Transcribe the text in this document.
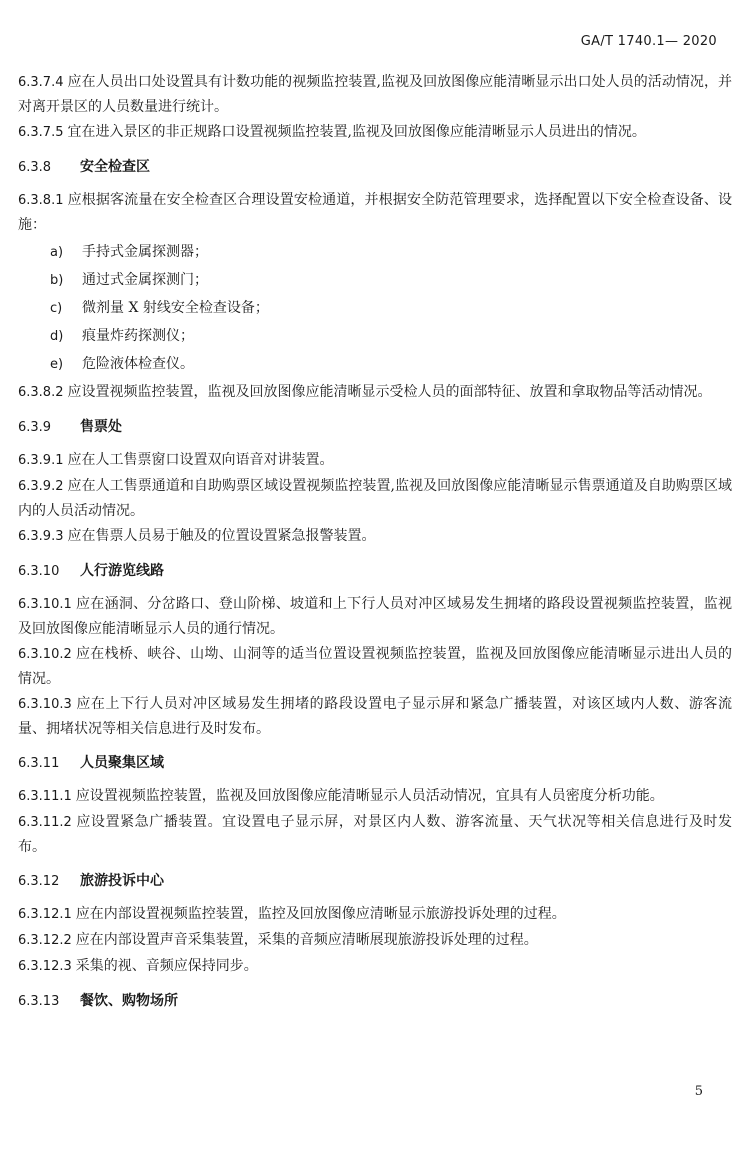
GA/T 1740.1— 2020

6.3.7.4 应在人员出口处设置具有计数功能的视频监控装置,监视及回放图像应能清晰显示出口处人员的活动情况，并对离开景区的人员数量进行统计。

6.3.7.5 宜在进入景区的非正规路口设置视频监控装置,监视及回放图像应能清晰显示人员进出的情况。

6.3.8 安全检查区

6.3.8.1 应根据客流量在安全检查区合理设置安检通道，并根据安全防范管理要求，选择配置以下安全检查设备、设施：

a) 手持式金属探测器；
b) 通过式金属探测门；
c) 微剂量 X 射线安全检查设备；
d) 痕量炸药探测仪；
e) 危险液体检查仪。

6.3.8.2 应设置视频监控装置，监视及回放图像应能清晰显示受检人员的面部特征、放置和拿取物品等活动情况。

6.3.9 售票处

6.3.9.1 应在人工售票窗口设置双向语音对讲装置。

6.3.9.2 应在人工售票通道和自助购票区域设置视频监控装置,监视及回放图像应能清晰显示售票通道及自助购票区域内的人员活动情况。

6.3.9.3 应在售票人员易于触及的位置设置紧急报警装置。

6.3.10 人行游览线路

6.3.10.1 应在涵洞、分岔路口、登山阶梯、坡道和上下行人员对冲区域易发生拥堵的路段设置视频监控装置，监视及回放图像应能清晰显示人员的通行情况。

6.3.10.2 应在栈桥、峡谷、山坳、山洞等的适当位置设置视频监控装置，监视及回放图像应能清晰显示进出人员的情况。

6.3.10.3 应在上下行人员对冲区域易发生拥堵的路段设置电子显示屏和紧急广播装置，对该区域内人数、游客流量、拥堵状况等相关信息进行及时发布。

6.3.11 人员聚集区域

6.3.11.1 应设置视频监控装置，监视及回放图像应能清晰显示人员活动情况，宜具有人员密度分析功能。

6.3.11.2 应设置紧急广播装置。宜设置电子显示屏，对景区内人数、游客流量、天气状况等相关信息进行及时发布。

6.3.12 旅游投诉中心

6.3.12.1 应在内部设置视频监控装置，监控及回放图像应清晰显示旅游投诉处理的过程。

6.3.12.2 应在内部设置声音采集装置，采集的音频应清晰展现旅游投诉处理的过程。

6.3.12.3 采集的视、音频应保持同步。

6.3.13 餐饮、购物场所
5
